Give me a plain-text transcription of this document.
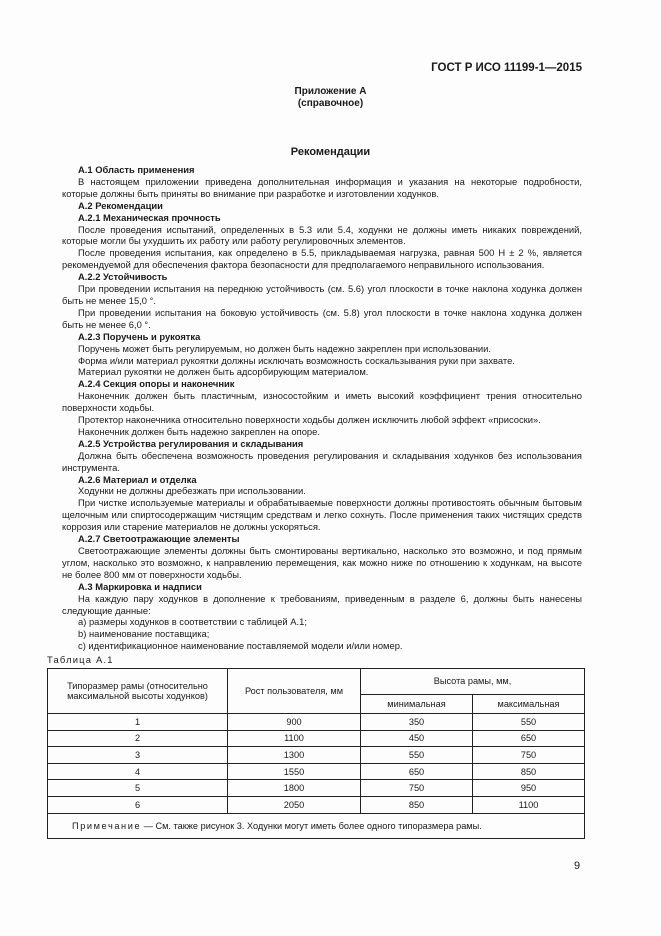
ГОСТ Р ИСО 11199-1—2015
Приложение А
(справочное)
Рекомендации

А.1 Область применения

В настоящем приложении приведена дополнительная информация и указания на некоторые подробности, которые должны быть приняты во внимание при разработке и изготовлении ходунков.

А.2 Рекомендации

А.2.1 Механическая прочность

После проведения испытаний, определенных в 5.3 или 5.4, ходунки не должны иметь никаких повреждений, которые могли бы ухудшить их работу или работу регулировочных элементов.

После проведения испытания, как определено в 5.5, прикладываемая нагрузка, равная 500 Н ± 2 %, является рекомендуемой для обеспечения фактора безопасности для предполагаемого неправильного использования.

А.2.2 Устойчивость

При проведении испытания на переднюю устойчивость (см. 5.6) угол плоскости в точке наклона ходунка должен быть не менее 15,0 °.

При проведении испытания на боковую устойчивость (см. 5.8) угол плоскости в точке наклона ходунка должен быть не менее 6,0 °.

А.2.3 Поручень и рукоятка

Поручень может быть регулируемым, но должен быть надежно закреплен при использовании.

Форма и/или материал рукоятки должны исключать возможность соскальзывания руки при захвате.

Материал рукоятки не должен быть адсорбирующим материалом.

А.2.4 Секция опоры и наконечник

Наконечник должен быть пластичным, износостойким и иметь высокий коэффициент трения относительно поверхности ходьбы.

Протектор наконечника относительно поверхности ходьбы должен исключить любой эффект «присоски».

Наконечник должен быть надежно закреплен на опоре.

А.2.5 Устройства регулирования и складывания

Должна быть обеспечена возможность проведения регулирования и складывания ходунков без использования инструмента.

А.2.6 Материал и отделка

Ходунки не должны дребезжать при использовании.

При чистке используемые материалы и обрабатываемые поверхности должны противостоять обычным бытовым щелочным или спиртосодержащим чистящим средствам и легко сохнуть. После применения таких чистящих средств коррозия или старение материалов не должны ускоряться.

А.2.7 Светоотражающие элементы

Светоотражающие элементы должны быть смонтированы вертикально, насколько это возможно, и под прямым углом, насколько это возможно, к направлению перемещения, как можно ниже по отношению к ходункам, на высоте не более 800 мм от поверхности ходьбы.

А.3 Маркировка и надписи

На каждую пару ходунков в дополнение к требованиям, приведенным в разделе 6, должны быть нанесены следующие данные:

a) размеры ходунков в соответствии с таблицей А.1;

b) наименование поставщика;

c) идентификационное наименование поставляемой модели и/или номер.

Таблица А.1
Типоразмер рамы (относительно максимальной высоты ходунков)	Рост пользователя, мм	Высота рамы, мм,	
		минимальная	максимальная
1	900	350	550
2	1100	450	650
3	1300	550	750
4	1550	650	850
5	1800	750	950
6	2050	850	1100
Примечание — См. также рисунок 3. Ходунки могут иметь более одного типоразмера рамы.			
9
